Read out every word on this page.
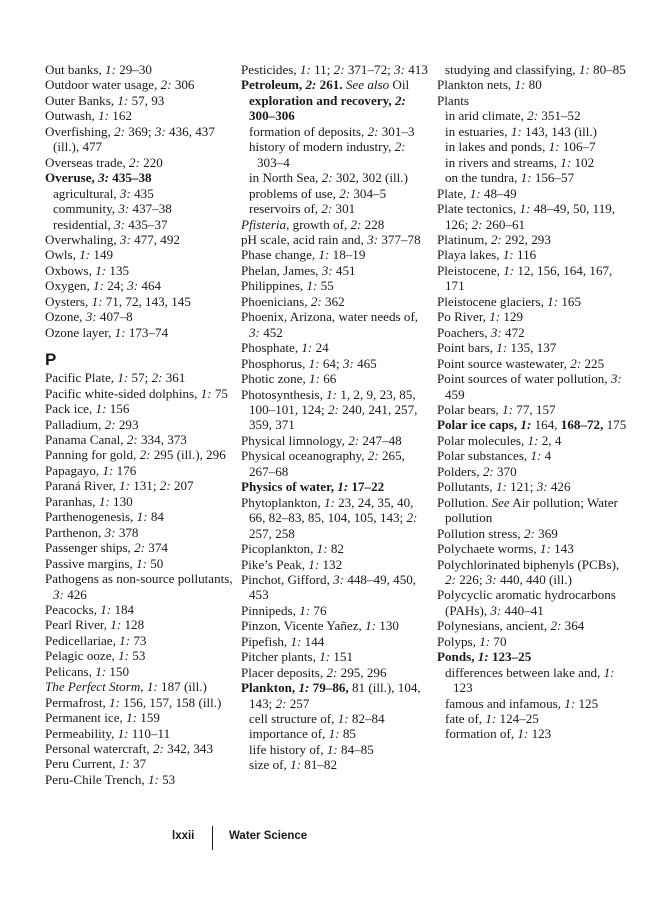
Out banks, 1: 29–30
Outdoor water usage, 2: 306
Outer Banks, 1: 57, 93
Outwash, 1: 162
Overfishing, 2: 369; 3: 436, 437 (ill.), 477
Overseas trade, 2: 220
Overuse, 3: 435–38
agricultural, 3: 435
community, 3: 437–38
residential, 3: 435–37
Overwhaling, 3: 477, 492
Owls, 1: 149
Oxbows, 1: 135
Oxygen, 1: 24; 3: 464
Oysters, 1: 71, 72, 143, 145
Ozone, 3: 407–8
Ozone layer, 1: 173–74
P
Pacific Plate, 1: 57; 2: 361
Pacific white-sided dolphins, 1: 75
Pack ice, 1: 156
Palladium, 2: 293
Panama Canal, 2: 334, 373
Panning for gold, 2: 295 (ill.), 296
Papagayo, 1: 176
Paraná River, 1: 131; 2: 207
Paranhas, 1: 130
Parthenogenesis, 1: 84
Parthenon, 3: 378
Passenger ships, 2: 374
Passive margins, 1: 50
Pathogens as non-source pollutants, 3: 426
Peacocks, 1: 184
Pearl River, 1: 128
Pedicellariae, 1: 73
Pelagic ooze, 1: 53
Pelicans, 1: 150
The Perfect Storm, 1: 187 (ill.)
Permafrost, 1: 156, 157, 158 (ill.)
Permanent ice, 1: 159
Permeability, 1: 110–11
Personal watercraft, 2: 342, 343
Peru Current, 1: 37
Peru-Chile Trench, 1: 53
Pesticides, 1: 11; 2: 371–72; 3: 413
Petroleum, 2: 261. See also Oil exploration and recovery, 2: 300–306
formation of deposits, 2: 301–3
history of modern industry, 2: 303–4
in North Sea, 2: 302, 302 (ill.)
problems of use, 2: 304–5
reservoirs of, 2: 301
Pfisteria, growth of, 2: 228
pH scale, acid rain and, 3: 377–78
Phase change, 1: 18–19
Phelan, James, 3: 451
Philippines, 1: 55
Phoenicians, 2: 362
Phoenix, Arizona, water needs of, 3: 452
Phosphate, 1: 24
Phosphorus, 1: 64; 3: 465
Photic zone, 1: 66
Photosynthesis, 1: 1, 2, 9, 23, 85, 100–101, 124; 2: 240, 241, 257, 359, 371
Physical limnology, 2: 247–48
Physical oceanography, 2: 265, 267–68
Physics of water, 1: 17–22
Phytoplankton, 1: 23, 24, 35, 40, 66, 82–83, 85, 104, 105, 143; 2: 257, 258
Picoplankton, 1: 82
Pike’s Peak, 1: 132
Pinchot, Gifford, 3: 448–49, 450, 453
Pinnipeds, 1: 76
Pinzon, Vicente Yañez, 1: 130
Pipefish, 1: 144
Pitcher plants, 1: 151
Placer deposits, 2: 295, 296
Plankton, 1: 79–86, 81 (ill.), 104, 143; 2: 257
cell structure of, 1: 82–84
importance of, 1: 85
life history of, 1: 84–85
size of, 1: 81–82
studying and classifying, 1: 80–85
Plankton nets, 1: 80
Plants
in arid climate, 2: 351–52
in estuaries, 1: 143, 143 (ill.)
in lakes and ponds, 1: 106–7
in rivers and streams, 1: 102
on the tundra, 1: 156–57
Plate, 1: 48–49
Plate tectonics, 1: 48–49, 50, 119, 126; 2: 260–61
Platinum, 2: 292, 293
Playa lakes, 1: 116
Pleistocene, 1: 12, 156, 164, 167, 171
Pleistocene glaciers, 1: 165
Po River, 1: 129
Poachers, 3: 472
Point bars, 1: 135, 137
Point source wastewater, 2: 225
Point sources of water pollution, 3: 459
Polar bears, 1: 77, 157
Polar ice caps, 1: 164, 168–72, 175
Polar molecules, 1: 2, 4
Polar substances, 1: 4
Polders, 2: 370
Pollutants, 1: 121; 3: 426
Pollution. See Air pollution; Water pollution
Pollution stress, 2: 369
Polychaete worms, 1: 143
Polychlorinated biphenyls (PCBs), 2: 226; 3: 440, 440 (ill.)
Polycyclic aromatic hydrocarbons (PAHs), 3: 440–41
Polynesians, ancient, 2: 364
Polyps, 1: 70
Ponds, 1: 123–25
differences between lake and, 1: 123
famous and infamous, 1: 125
fate of, 1: 124–25
formation of, 1: 123
lxxii	Water Science
